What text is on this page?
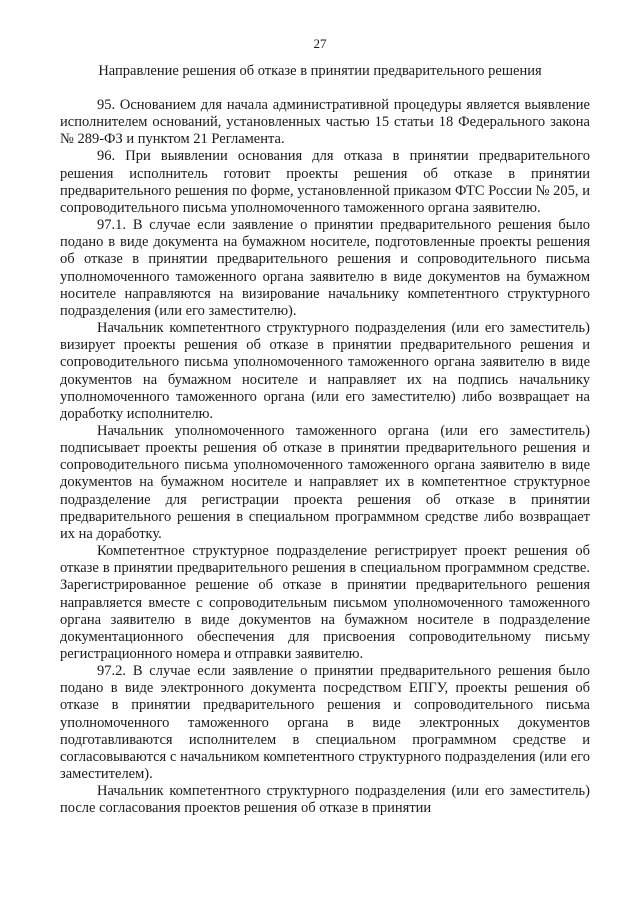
27
Направление решения об отказе в принятии предварительного решения

95. Основанием для начала административной процедуры является выявление исполнителем оснований, установленных частью 15 статьи 18 Федерального закона № 289-ФЗ и пунктом 21 Регламента.

96. При выявлении основания для отказа в принятии предварительного решения исполнитель готовит проекты решения об отказе в принятии предварительного решения по форме, установленной приказом ФТС России № 205, и сопроводительного письма уполномоченного таможенного органа заявителю.

97.1. В случае если заявление о принятии предварительного решения было подано в виде документа на бумажном носителе, подготовленные проекты решения об отказе в принятии предварительного решения и сопроводительного письма уполномоченного таможенного органа заявителю в виде документов на бумажном носителе направляются на визирование начальнику компетентного структурного подразделения (или его заместителю).

Начальник компетентного структурного подразделения (или его заместитель) визирует проекты решения об отказе в принятии предварительного решения и сопроводительного письма уполномоченного таможенного органа заявителю в виде документов на бумажном носителе и направляет их на подпись начальнику уполномоченного таможенного органа (или его заместителю) либо возвращает на доработку исполнителю.

Начальник уполномоченного таможенного органа (или его заместитель) подписывает проекты решения об отказе в принятии предварительного решения и сопроводительного письма уполномоченного таможенного органа заявителю в виде документов на бумажном носителе и направляет их в компетентное структурное подразделение для регистрации проекта решения об отказе в принятии предварительного решения в специальном программном средстве либо возвращает их на доработку.

Компетентное структурное подразделение регистрирует проект решения об отказе в принятии предварительного решения в специальном программном средстве. Зарегистрированное решение об отказе в принятии предварительного решения направляется вместе с сопроводительным письмом уполномоченного таможенного органа заявителю в виде документов на бумажном носителе в подразделение документационного обеспечения для присвоения сопроводительному письму регистрационного номера и отправки заявителю.

97.2. В случае если заявление о принятии предварительного решения было подано в виде электронного документа посредством ЕПГУ, проекты решения об отказе в принятии предварительного решения и сопроводительного письма уполномоченного таможенного органа в виде электронных документов подготавливаются исполнителем в специальном программном средстве и согласовываются с начальником компетентного структурного подразделения (или его заместителем).

Начальник компетентного структурного подразделения (или его заместитель) после согласования проектов решения об отказе в принятии
